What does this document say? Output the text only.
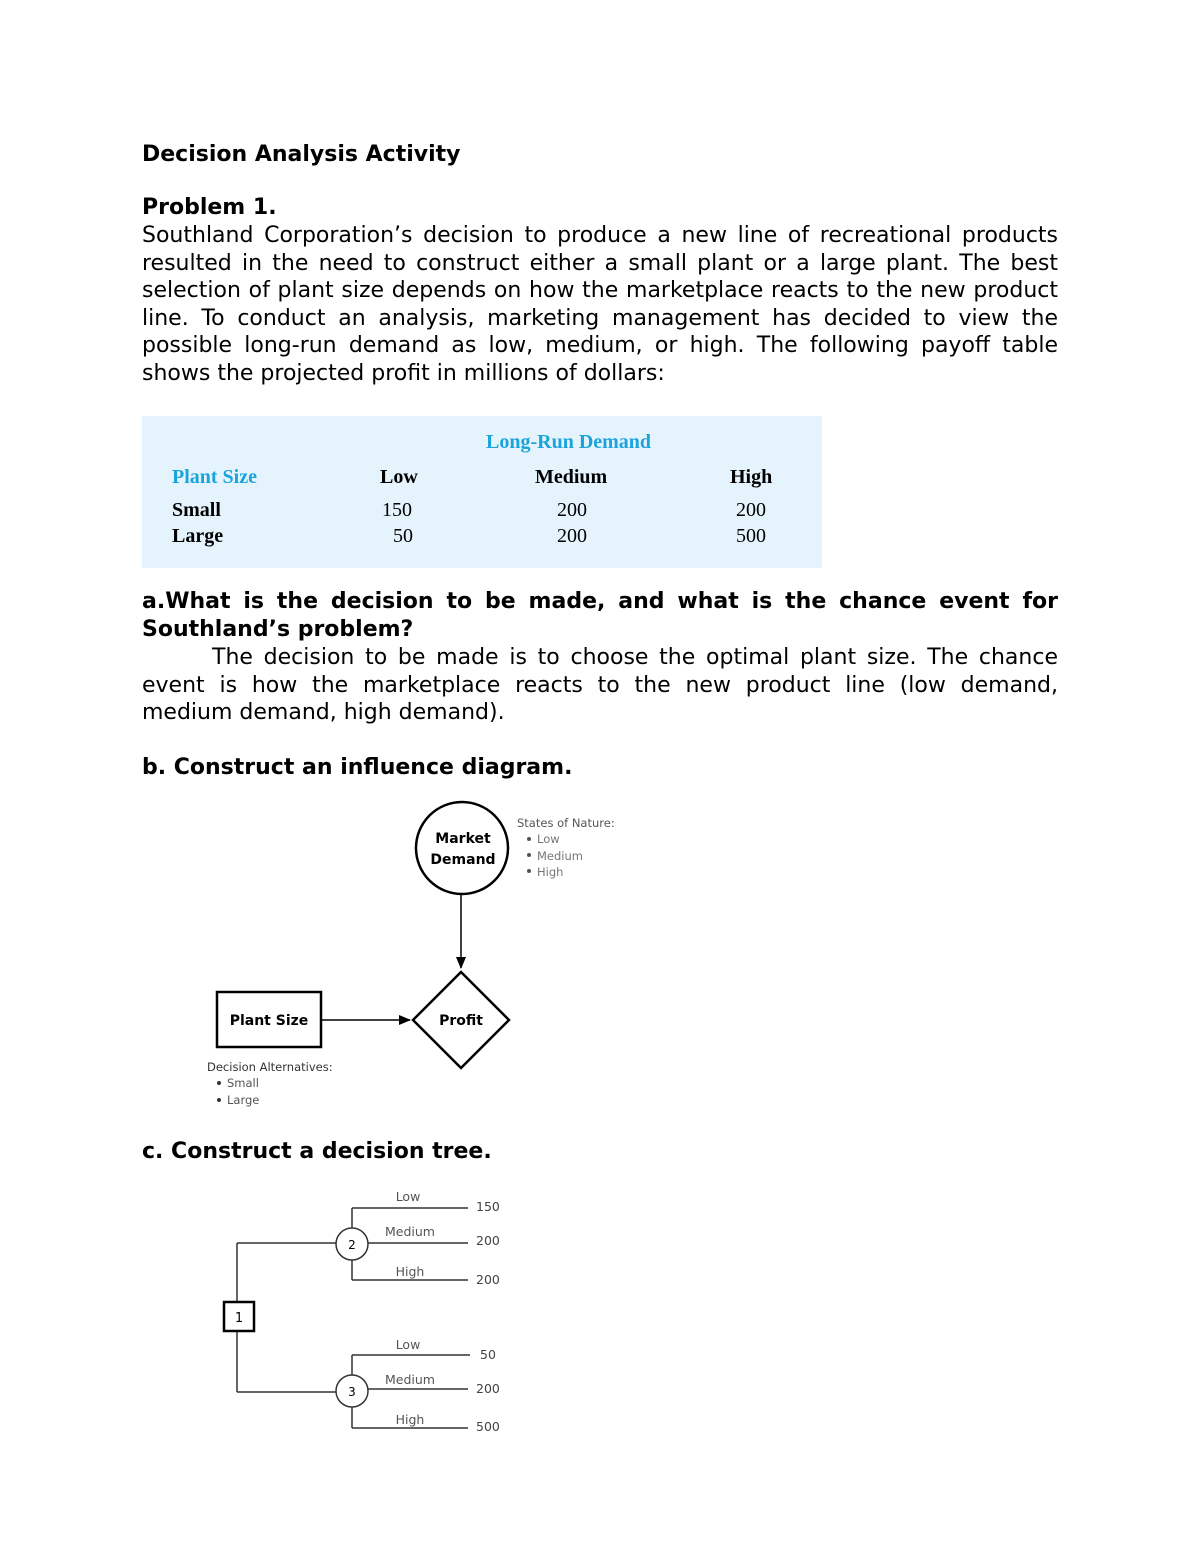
Decision Analysis Activity

Problem 1.

Southland Corporation’s decision to produce a new line of recreational products resulted in the need to construct either a small plant or a large plant. The best selection of plant size depends on how the marketplace reacts to the new product line. To conduct an analysis, marketing management has decided to view the possible long-run demand as low, medium, or high. The following payoff table shows the projected profit in millions of dollars:

Long-Run Demand
Plant Size	Low	Medium	High
Small	150	200	200
Large	50	200	500

a.What is the decision to be made, and what is the chance event for Southland’s problem?

The decision to be made is to choose the optimal plant size. The chance event is how the marketplace reacts to the new product line (low demand, medium demand, high demand).

b. Construct an influence diagram.

Market
Demand
States of Nature:
Low
Medium
High
Plant Size	Profit
Decision Alternatives:
Small
Large

c. Construct a decision tree.

1
2
Low
Medium
High
150
200
200
3
Low
Medium
High
50
200
500
